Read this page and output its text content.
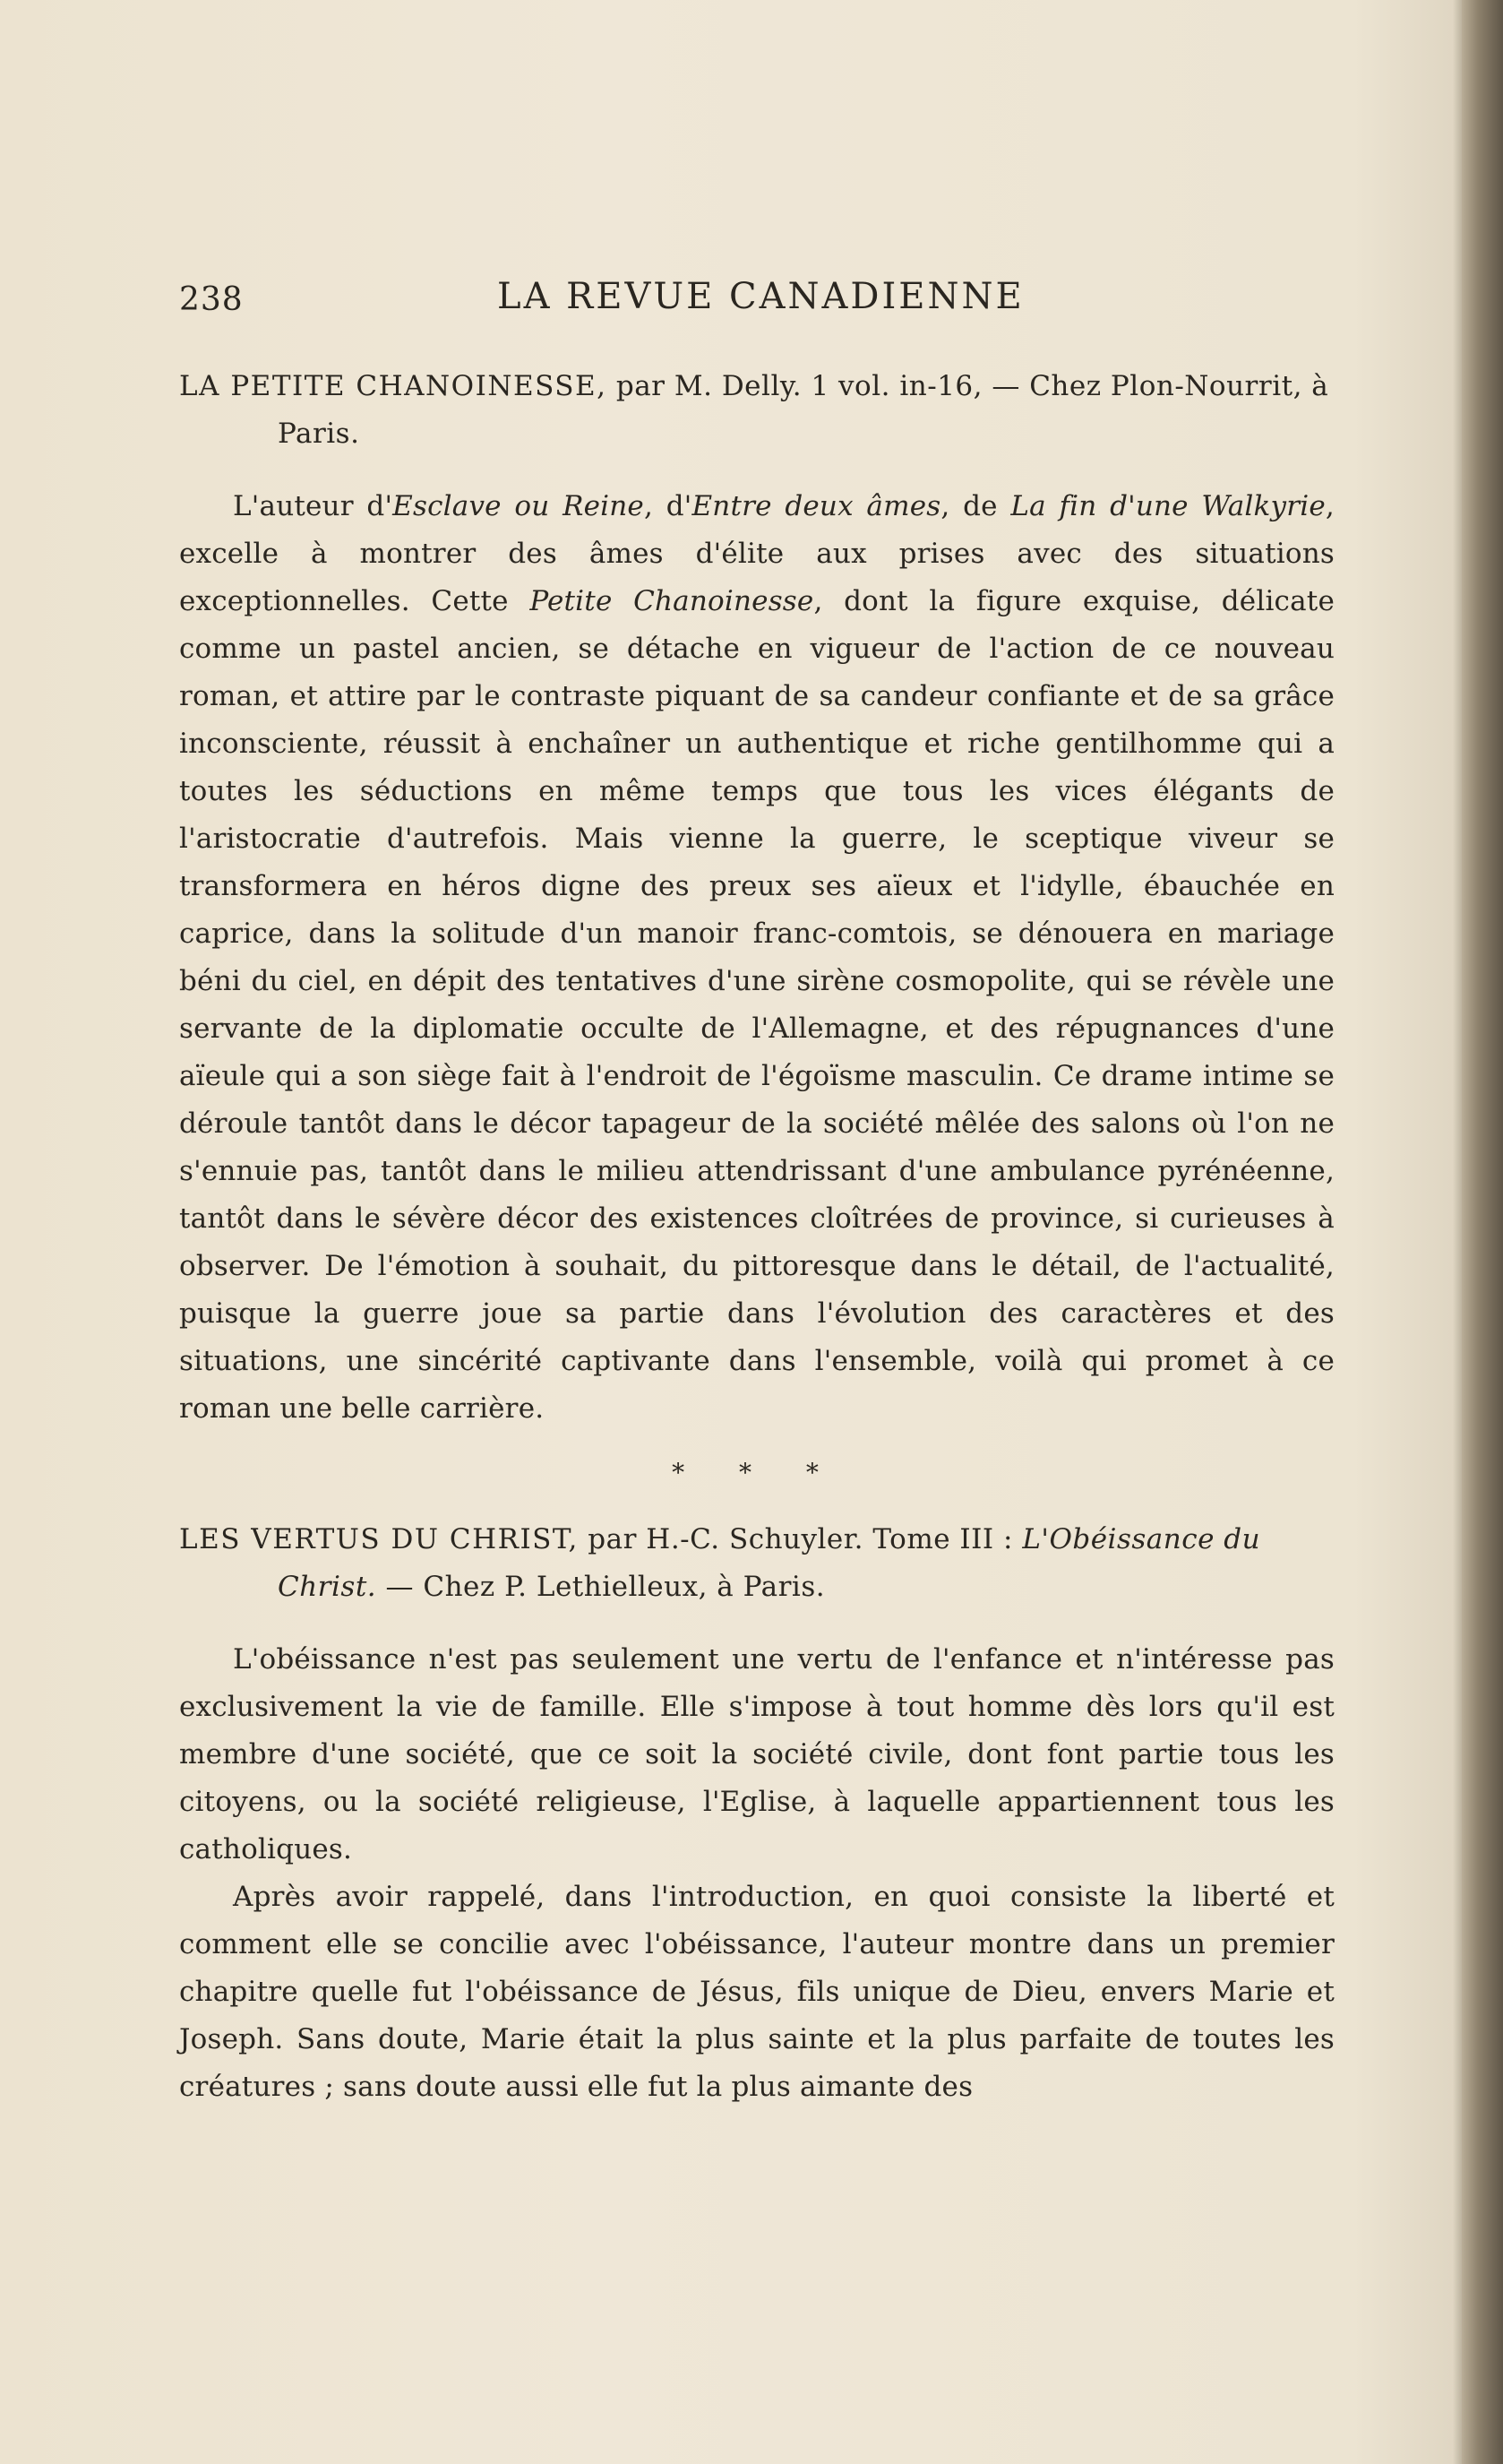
238	LA REVUE CANADIENNE
LA PETITE CHANOINESSE, par M. Delly. 1 vol. in-16, — Chez Plon-Nourrit, à Paris.

L'auteur d'Esclave ou Reine, d'Entre deux âmes, de La fin d'une Walkyrie, excelle à montrer des âmes d'élite aux prises avec des situations exceptionnelles. Cette Petite Chanoinesse, dont la figure exquise, délicate comme un pastel ancien, se détache en vigueur de l'action de ce nouveau roman, et attire par le contraste piquant de sa candeur confiante et de sa grâce inconsciente, réussit à enchaîner un authentique et riche gentilhomme qui a toutes les séductions en même temps que tous les vices élégants de l'aristocratie d'autrefois. Mais vienne la guerre, le sceptique viveur se transformera en héros digne des preux ses aïeux et l'idylle, ébauchée en caprice, dans la solitude d'un manoir franc-comtois, se dénouera en mariage béni du ciel, en dépit des tentatives d'une sirène cosmopolite, qui se révèle une servante de la diplomatie occulte de l'Allemagne, et des répugnances d'une aïeule qui a son siège fait à l'endroit de l'égoïsme masculin. Ce drame intime se déroule tantôt dans le décor tapageur de la société mêlée des salons où l'on ne s'ennuie pas, tantôt dans le milieu attendrissant d'une ambulance pyrénéenne, tantôt dans le sévère décor des existences cloîtrées de province, si curieuses à observer. De l'émotion à souhait, du pittoresque dans le détail, de l'actualité, puisque la guerre joue sa partie dans l'évolution des caractères et des situations, une sincérité captivante dans l'ensemble, voilà qui promet à ce roman une belle carrière.

* * *
LES VERTUS DU CHRIST, par H.-C. Schuyler. Tome III : L'Obéissance du Christ. — Chez P. Lethielleux, à Paris.

L'obéissance n'est pas seulement une vertu de l'enfance et n'intéresse pas exclusivement la vie de famille. Elle s'impose à tout homme dès lors qu'il est membre d'une société, que ce soit la société civile, dont font partie tous les citoyens, ou la société religieuse, l'Eglise, à laquelle appartiennent tous les catholiques.

Après avoir rappelé, dans l'introduction, en quoi consiste la liberté et comment elle se concilie avec l'obéissance, l'auteur montre dans un premier chapitre quelle fut l'obéissance de Jésus, fils unique de Dieu, envers Marie et Joseph. Sans doute, Marie était la plus sainte et la plus parfaite de toutes les créatures ; sans doute aussi elle fut la plus aimante des
